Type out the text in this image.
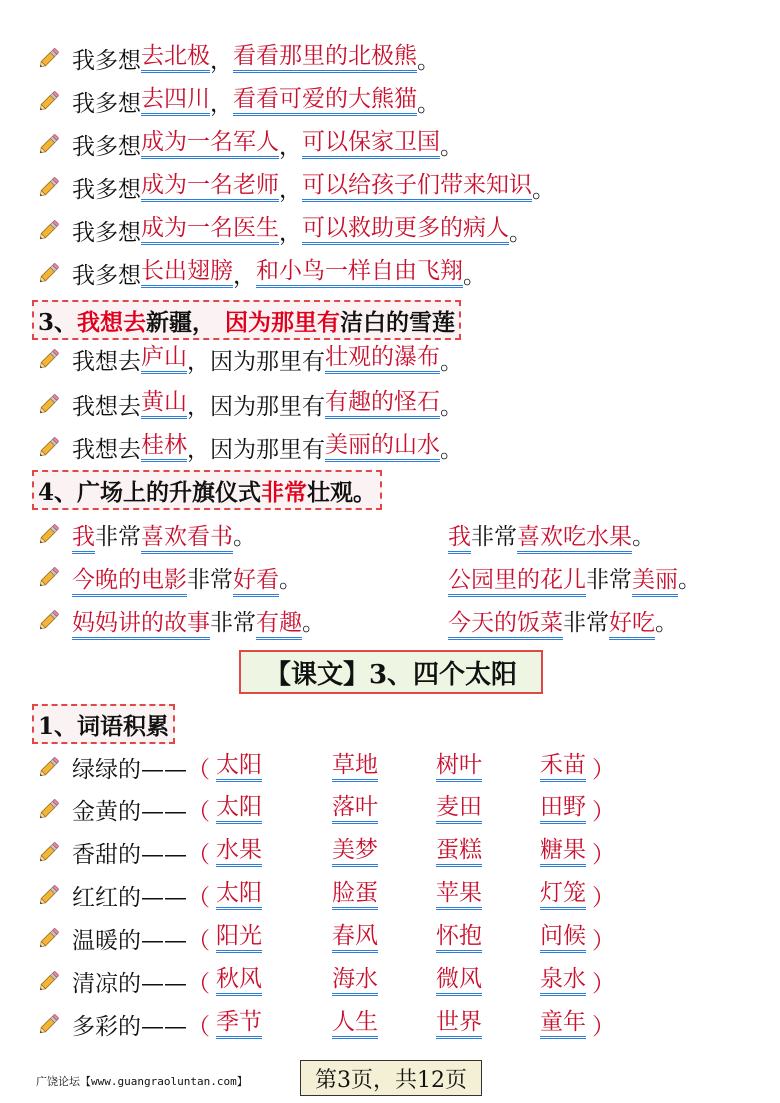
我多想 去北极 ， 看看那里的北极熊 。
我多想 去四川 ， 看看可爱的大熊猫 。
我多想 成为一名军人 ， 可以保家卫国 。
我多想 成为一名老师 ， 可以给孩子们带来知识 。
我多想 成为一名医生 ， 可以救助更多的病人 。
我多想 长出翅膀 ， 和小鸟一样自由飞翔 。
3、 我想去 新疆， 因为那里有 洁白的雪莲
我想去 庐山 ，因为那里有 壮观的瀑布 。
我想去 黄山 ，因为那里有 有趣的怪石 。
我想去 桂林 ，因为那里有 美丽的山水 。
4、广场上的升旗仪式 非常 壮观。
我非常喜欢看书。	我非常喜欢吃水果。
今晚的电影非常好看。	公园里的花儿非常美丽。
妈妈讲的故事非常有趣。	今天的饭菜非常好吃。
【课文】3、四个太阳
1、词语积累
绿绿的—— （ 太阳	草地	树叶	禾苗 ）
金黄的—— （ 太阳	落叶	麦田	田野 ）
香甜的—— （ 水果	美梦	蛋糕	糖果 ）
红红的—— （ 太阳	脸蛋	苹果	灯笼 ）
温暖的—— （ 阳光	春风	怀抱	问候 ）
清凉的—— （ 秋风	海水	微风	泉水 ）
多彩的—— （ 季节	人生	世界	童年 ）
广饶论坛【www.guangraoluntan.com】	第3页，共12页
